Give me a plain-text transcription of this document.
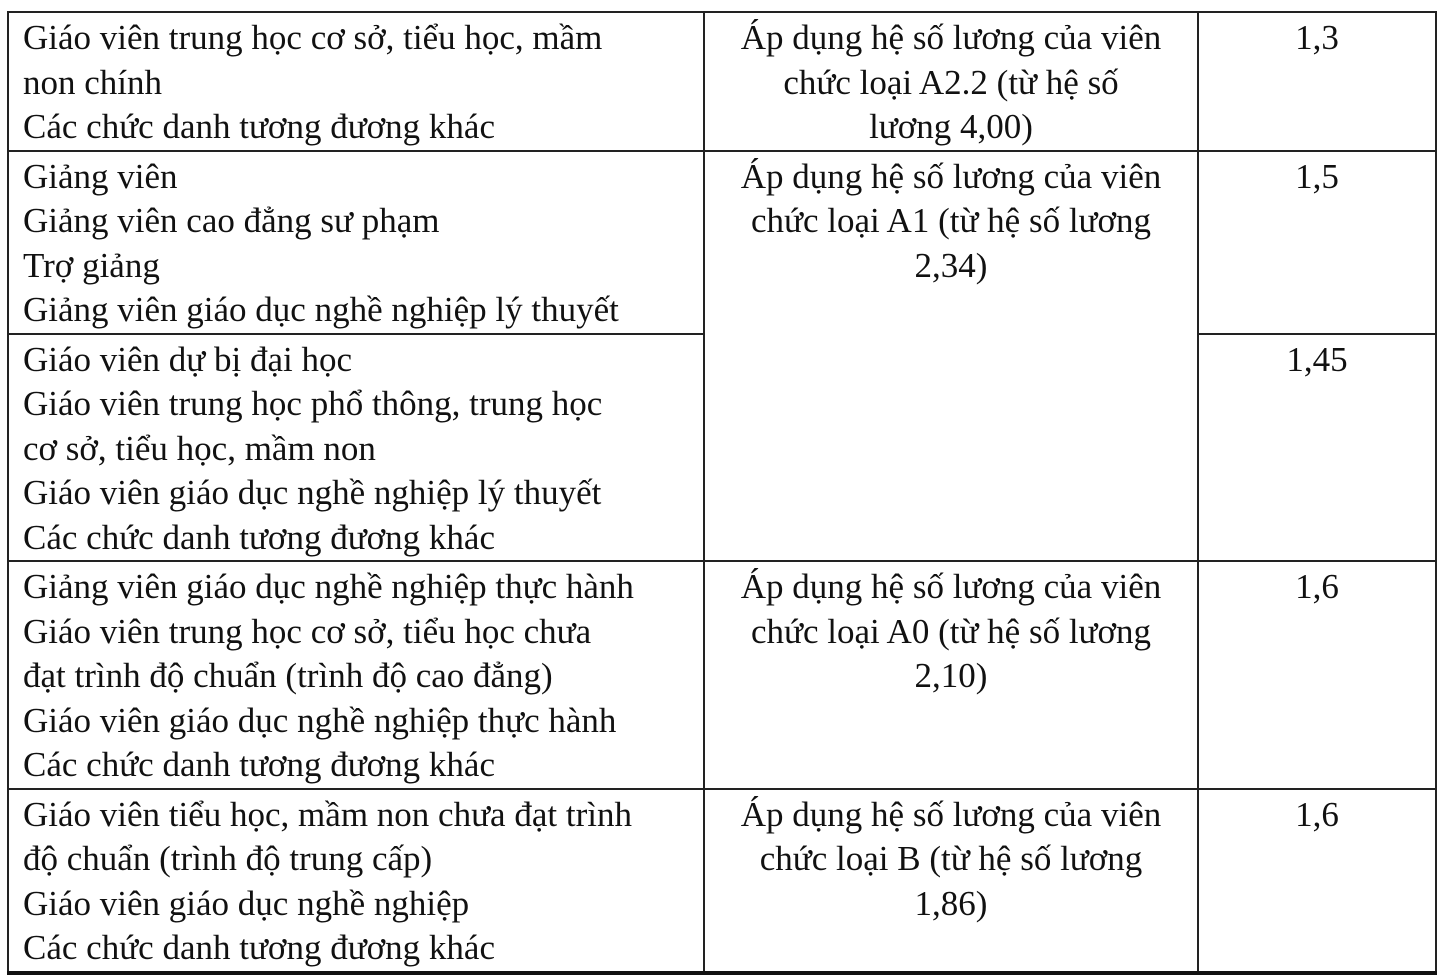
Giáo viên trung học cơ sở, tiểu học, mầm
non chính
Các chức danh tương đương khác	Áp dụng hệ số lương của viên
chức loại A2.2 (từ hệ số
lương 4,00)	1,3

Giảng viên
Giảng viên cao đẳng sư phạm
Trợ giảng
Giảng viên giáo dục nghề nghiệp lý thuyết	Áp dụng hệ số lương của viên
chức loại A1 (từ hệ số lương
2,34)	1,5

Giáo viên dự bị đại học
Giáo viên trung học phổ thông, trung học
cơ sở, tiểu học, mầm non
Giáo viên giáo dục nghề nghiệp lý thuyết
Các chức danh tương đương khác		1,45

Giảng viên giáo dục nghề nghiệp thực hành
Giáo viên trung học cơ sở, tiểu học chưa
đạt trình độ chuẩn (trình độ cao đẳng)
Giáo viên giáo dục nghề nghiệp thực hành
Các chức danh tương đương khác	Áp dụng hệ số lương của viên
chức loại A0 (từ hệ số lương
2,10)	1,6

Giáo viên tiểu học, mầm non chưa đạt trình
độ chuẩn (trình độ trung cấp)
Giáo viên giáo dục nghề nghiệp
Các chức danh tương đương khác	Áp dụng hệ số lương của viên
chức loại B (từ hệ số lương
1,86)	1,6
